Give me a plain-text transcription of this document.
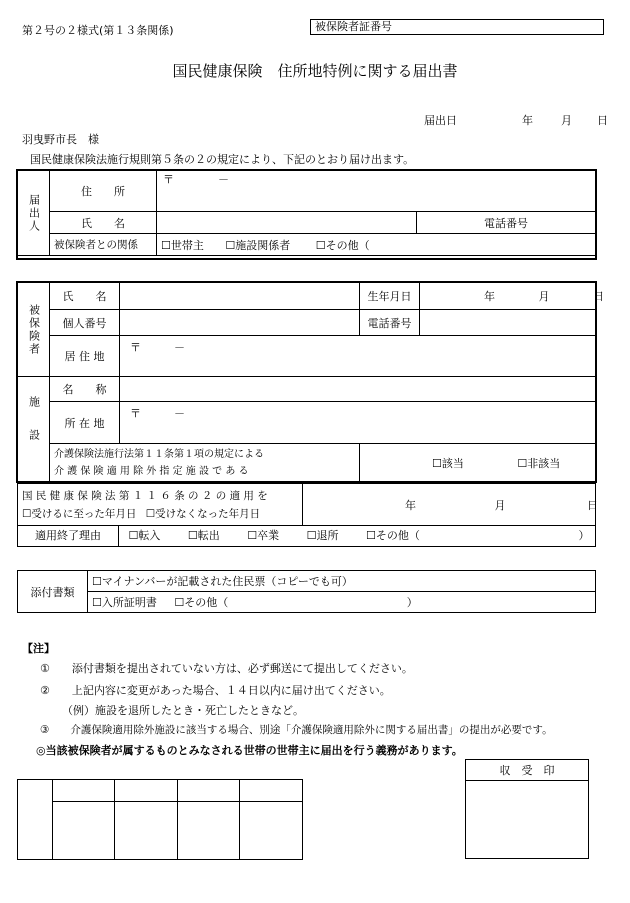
第２号の２様式(第１３条関係)	被保険者証番号
国民健康保険　住所地特例に関する届出書
届出日	年	月 日
羽曳野市長　様
国民健康保険法施行規則第５条の２の規定により、下記のとおり届け出ます。
届出人	住　　所	〒　　　　－		
	氏　　名		電話番号	
	被保険者との関係	☐世帯主 ☐施設関係者 ☐その他（	
被保険者	氏　　名		生年月日	年 月 日
	個人番号		電話番号	
	居 住 地	〒　　　－		
施設	名　　称			
	所 在 地	〒　　　－		

	介護保険法施行法第１１条第１項の規定による
介 護 保 険 適 用 除 外 指 定 施 設 で あ る		☐該当 ☐非該当	
国 民 健 康 保 険 法 第 １ １ ６ 条 の ２ の 適 用 を
☐受けるに至った年月日 ☐受けなくなった年月日
	年	月	日
適用終了理由	☐転入	☐転出	☐卒業	☐退所	☐その他（	）
添付書類	☐マイナンバーが記載された住民票（コピーでも可）
☐入所証明書 ☐その他（	）
【注】
①　　添付書類を提出されていない方は、必ず郵送にて提出してください。
②　　上記内容に変更があった場合、１４日以内に届け出てください。
（例）施設を退所したとき・死亡したときなど。
③　　介護保険適用除外施設に該当する場合、別途「介護保険適用除外に関する届出書」の提出が必要です。
◎当該被保険者が属するものとみなされる世帯の世帯主に届出を行う義務があります。

収　受　印
